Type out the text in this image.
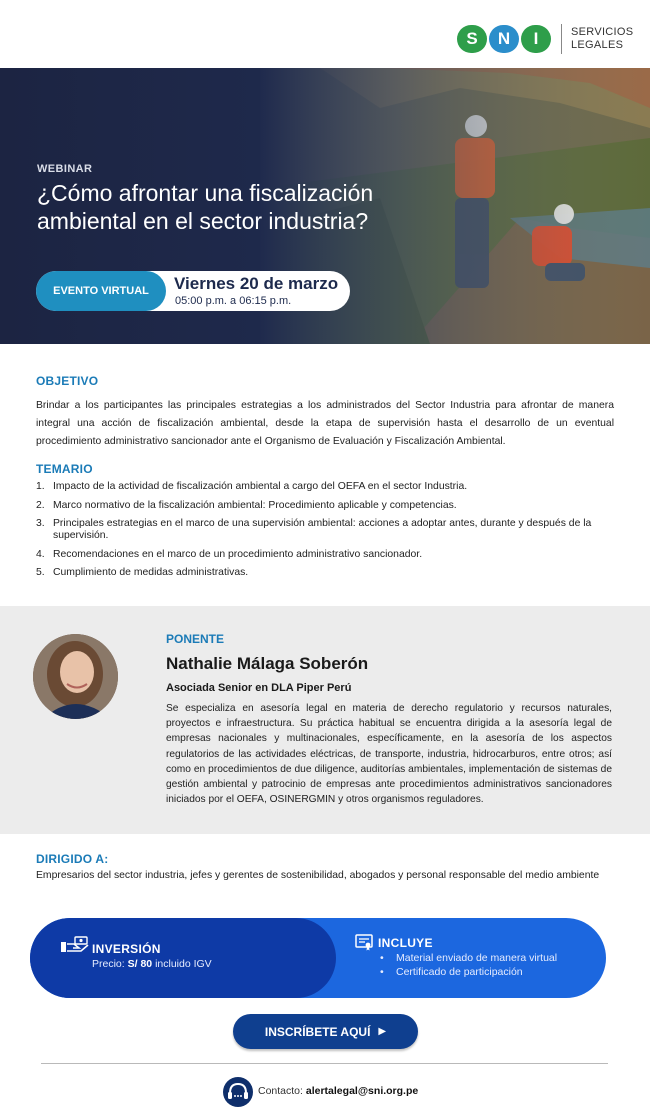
S	N	I	SERVICIOS
LEGALES
WEBINAR
¿Cómo afrontar una fiscalización ambiental en el sector industria?
EVENTO VIRTUAL	Viernes 20 de marzo
05:00 p.m. a 06:15 p.m.
OBJETIVO

Brindar a los participantes las principales estrategias a los administrados del Sector Industria para afrontar de manera integral una acción de fiscalización ambiental, desde la etapa de supervisión hasta el desarrollo de un eventual procedimiento administrativo sancionador ante el Organismo de Evaluación y Fiscalización Ambiental.

TEMARIO
1. Impacto de la actividad de fiscalización ambiental a cargo del OEFA en el sector Industria.
2. Marco normativo de la fiscalización ambiental: Procedimiento aplicable y competencias.
3. Principales estrategias en el marco de una supervisión ambiental: acciones a adoptar antes, durante y después de la supervisión.
4. Recomendaciones en el marco de un procedimiento administrativo sancionador.
5. Cumplimiento de medidas administrativas.
PONENTE
Nathalie Málaga Soberón
Asociada Senior en DLA Piper Perú

Se especializa en asesoría legal en materia de derecho regulatorio y recursos naturales, proyectos e infraestructura. Su práctica habitual se encuentra dirigida a la asesoría legal de empresas nacionales y multinacionales, específicamente, en la asesoría de los aspectos regulatorios de las actividades eléctricas, de transporte, industria, hidrocarburos, entre otros; así como en procedimientos de due diligence, auditorías ambientales, implementación de sistemas de gestión ambiental y patrocinio de empresas ante procedimientos administrativos sancionadores iniciados por el OEFA, OSINERGMIN y otros organismos reguladores.

DIRIGIDO A:

Empresarios del sector industria, jefes y gerentes de sostenibilidad, abogados y personal responsable del medio ambiente

INVERSIÓN
Precio: S/ 80 incluido IGV
INCLUYE
•	Material enviado de manera virtual
•	Certificado de participación
INSCRÍBETE AQUÍ ▶
Contacto: alertalegal@sni.org.pe
